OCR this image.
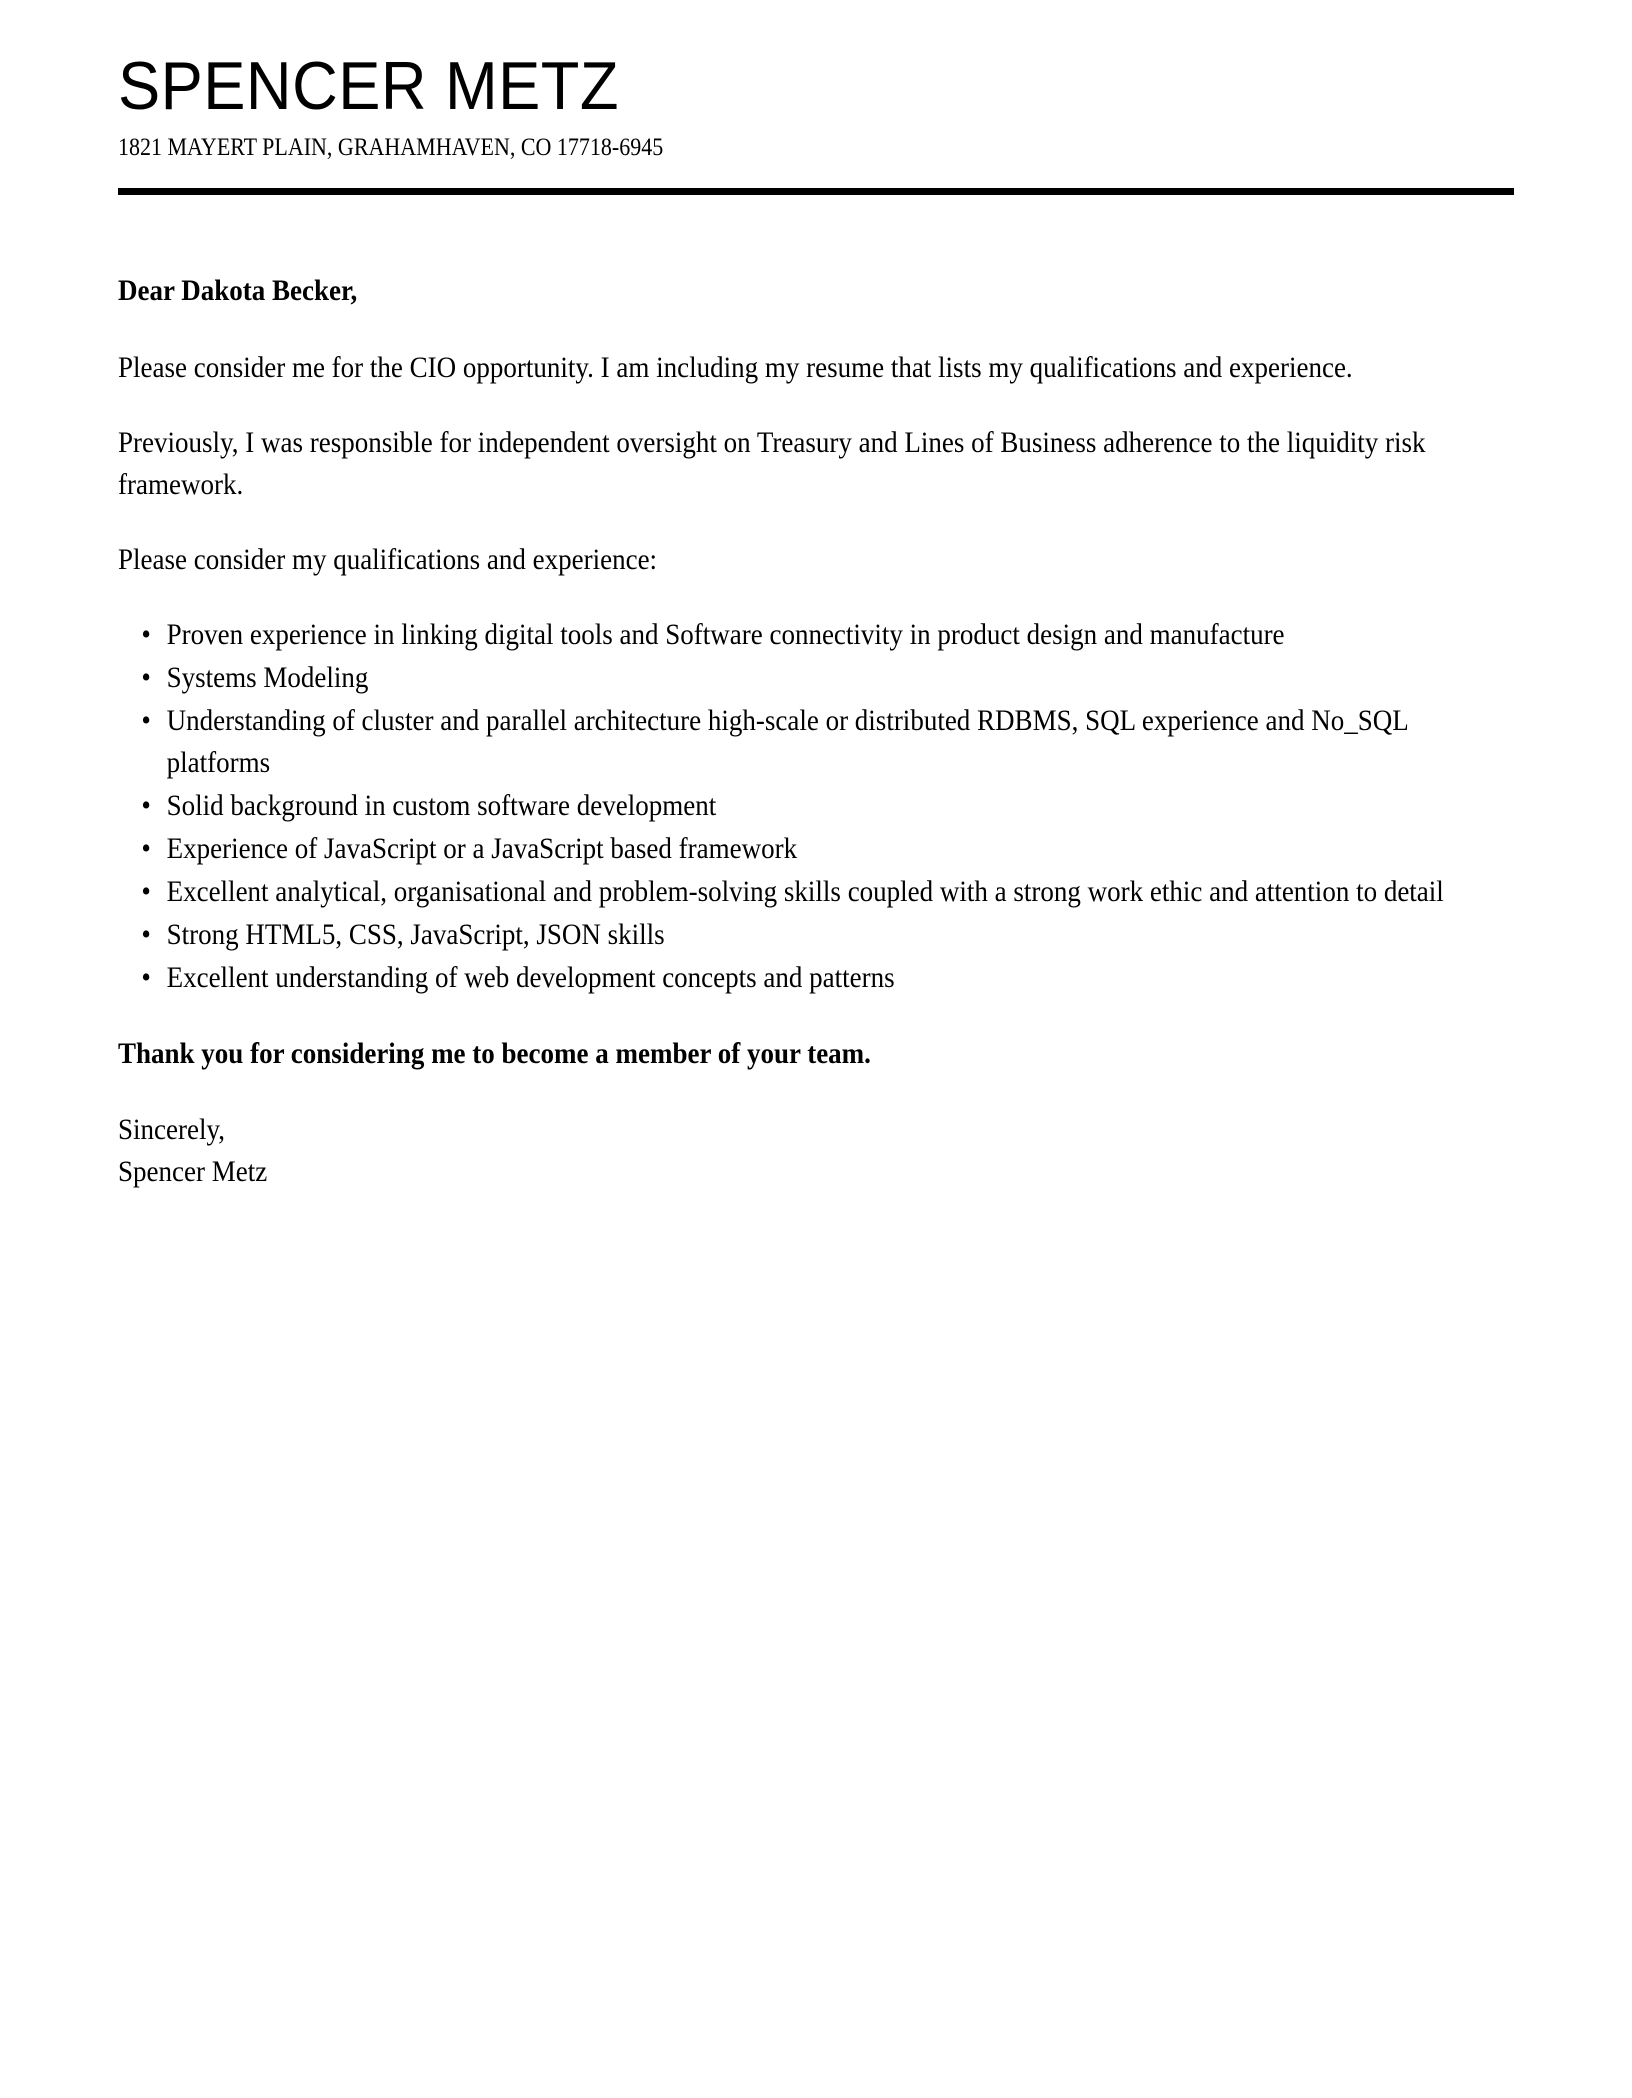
SPENCER METZ
1821 MAYERT PLAIN, GRAHAMHAVEN, CO 17718-6945

Dear Dakota Becker,

Please consider me for the CIO opportunity. I am including my resume that lists my qualifications and experience.

Previously, I was responsible for independent oversight on Treasury and Lines of Business adherence to the liquidity risk framework.

Please consider my qualifications and experience:

• Proven experience in linking digital tools and Software connectivity in product design and manufacture
• Systems Modeling
• Understanding of cluster and parallel architecture high-scale or distributed RDBMS, SQL experience and No_SQL platforms
• Solid background in custom software development
• Experience of JavaScript or a JavaScript based framework
• Excellent analytical, organisational and problem-solving skills coupled with a strong work ethic and attention to detail
• Strong HTML5, CSS, JavaScript, JSON skills
• Excellent understanding of web development concepts and patterns

Thank you for considering me to become a member of your team.

Sincerely,

Spencer Metz
